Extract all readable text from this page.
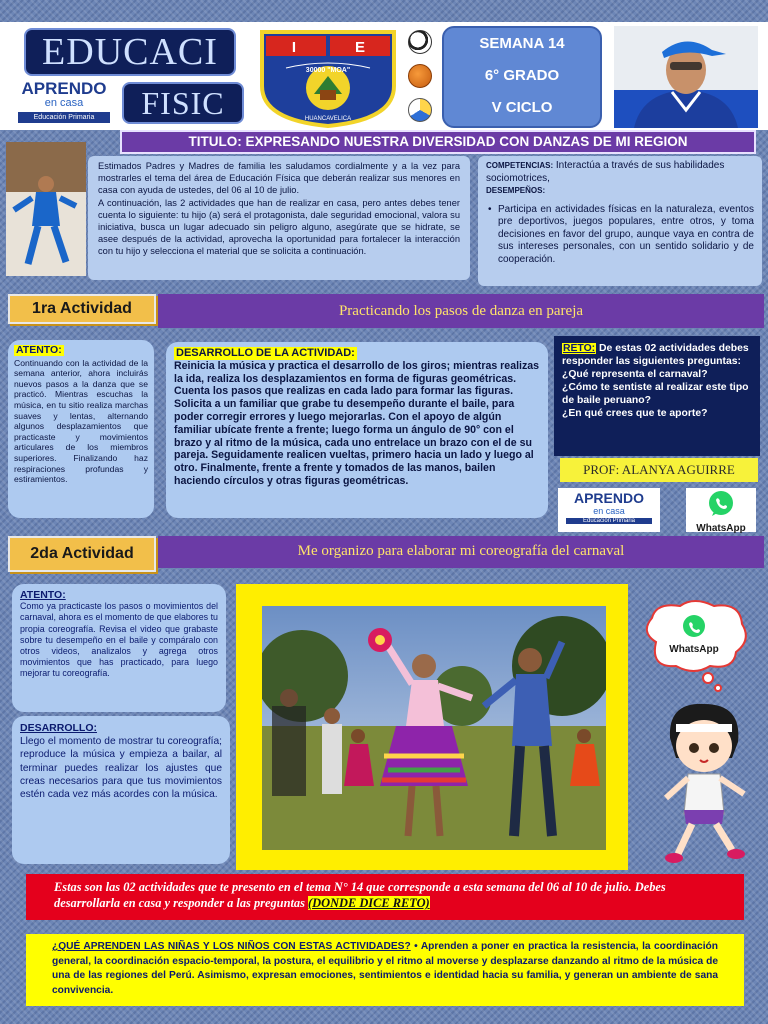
EDUCACI
FISIC
APRENDO
en casa
Educación Primaria
I	E
30000 "MOA"
HUANCAVELICA
SEMANA 14
6° GRADO
V CICLO
TITULO: EXPRESANDO NUESTRA DIVERSIDAD CON DANZAS DE MI REGION

Estimados Padres y Madres de familia les saludamos cordialmente y a la vez para mostrarles el tema del área de Educación Física que deberán realizar sus menores en casa con ayuda de ustedes, del 06 al 10 de julio.

A continuación, las 2 actividades que han de realizar en casa, pero antes debes tener cuenta lo siguiente: tu hijo (a) será el protagonista, dale seguridad emocional, valora su iniciativa, busca un lugar adecuado sin peligro alguno, asegúrate que se hidrate, se asee después de la actividad, aprovecha la oportunidad para fortalecer la interacción con tu hijo y selecciona el material que se solicita a continuación.

COMPETENCIAS: Interactúa a través de sus habilidades sociomotrices,
DESEMPEÑOS:
• Participa en actividades físicas en la naturaleza, eventos pre deportivos, juegos populares, entre otros, y toma decisiones en favor del grupo, aunque vaya en contra de sus intereses personales, con un sentido solidario y de cooperación.
1ra Actividad	Practicando los pasos de danza en pareja
ATENTO:
Continuando con la actividad de la semana anterior, ahora incluirás nuevos pasos a la danza que se practicó. Mientras escuchas la música, en tu sitio realiza marchas suaves y lentas, alternando algunos desplazamientos que practicaste y movimientos articulares de los miembros superiores. Finalizando haz respiraciones profundas y estiramientos.
DESARROLLO DE LA ACTIVIDAD:
Reinicia la música y practica el desarrollo de los giros; mientras realizas la ida, realiza los desplazamientos en forma de figuras geométricas. Cuenta los pasos que realizas en cada lado para formar las figuras. Solicita a un familiar que grabe tu desempeño durante el baile, para poder corregir errores y luego mejorarlas. Con el apoyo de algún familiar ubícate frente a frente; luego forma un ángulo de 90° con el brazo y al ritmo de la música, cada uno entrelace un brazo con el de su pareja. Seguidamente realicen vueltas, primero hacia un lado y luego al otro. Finalmente, frente a frente y tomados de las manos, bailen haciendo círculos y otras figuras geométricas.
RETO: De estas 02 actividades debes responder las siguientes preguntas:
¿Qué representa el carnaval?
¿Cómo te sentiste al realizar este tipo de baile peruano?
¿En qué crees que te aporte?
PROF: ALANYA AGUIRRE
APRENDO
en casa
Educación Primaria
WhatsApp
2da Actividad	Me organizo para elaborar mi coreografía del carnaval
ATENTO:
Como ya practicaste los pasos o movimientos del carnaval, ahora es el momento de que elabores tu propia coreografía. Revisa el video que grabaste sobre tu desempeño en el baile y compáralo con otros videos, analizalos y agrega otros movimientos que has practicado, para luego mejorar tu coreografía.
DESARROLLO:
Llego el momento de mostrar tu coreografía; reproduce la música y empieza a bailar, al terminar puedes realizar los ajustes que creas necesarios para que tus movimientos estén cada vez más acordes con la música.
WhatsApp
Estas son las 02 actividades que te presento en el tema N° 14 que corresponde a esta semana del 06 al 10 de julio. Debes desarrollarla en casa y responder a las preguntas (DONDE DICE RETO)
¿QUÉ APRENDEN LAS NIÑAS Y LOS NIÑOS CON ESTAS ACTIVIDADES? • Aprenden a poner en practica la resistencia, la coordinación general, la coordinación espacio-temporal, la postura, el equilibrio y el ritmo al moverse y desplazarse danzando al ritmo de la música de una de las regiones del Perú. Asimismo, expresan emociones, sentimientos e identidad hacia su familia, y generan un ambiente de sana convivencia.
